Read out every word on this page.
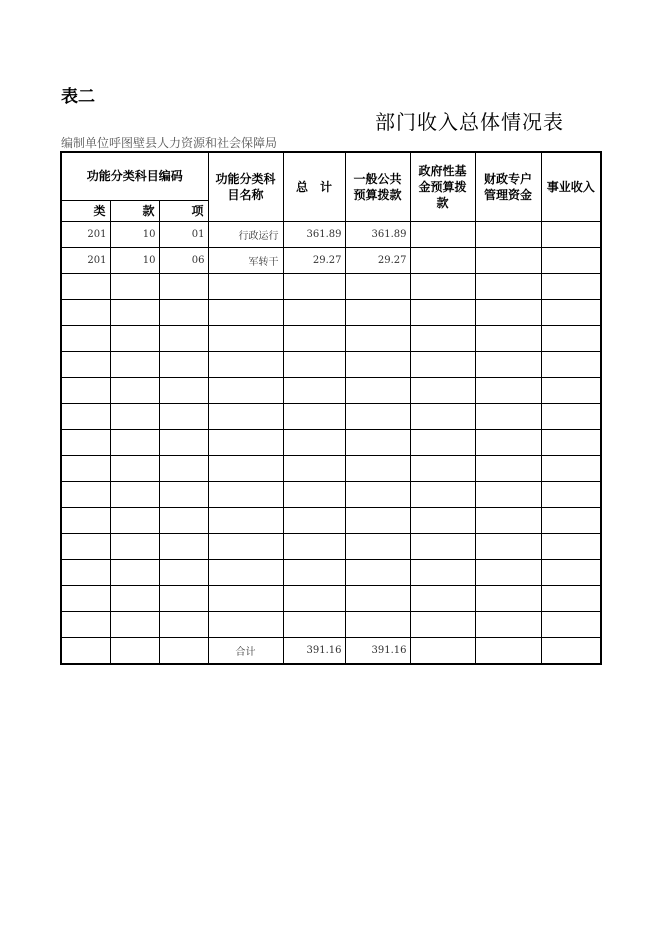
表二
部门收入总体情况表
编制单位呼图壁县人力资源和社会保障局
功能分类科目编码			功能分类科目名称	总　计	一般公共预算拨款	政府性基金预算拨款	财政专户管理资金	事业收入
类	款	项						
201	10	01	行政运行	361.89	361.89			
201	10	06	军转干	29.27	29.27			

			合计	391.16	391.16			
